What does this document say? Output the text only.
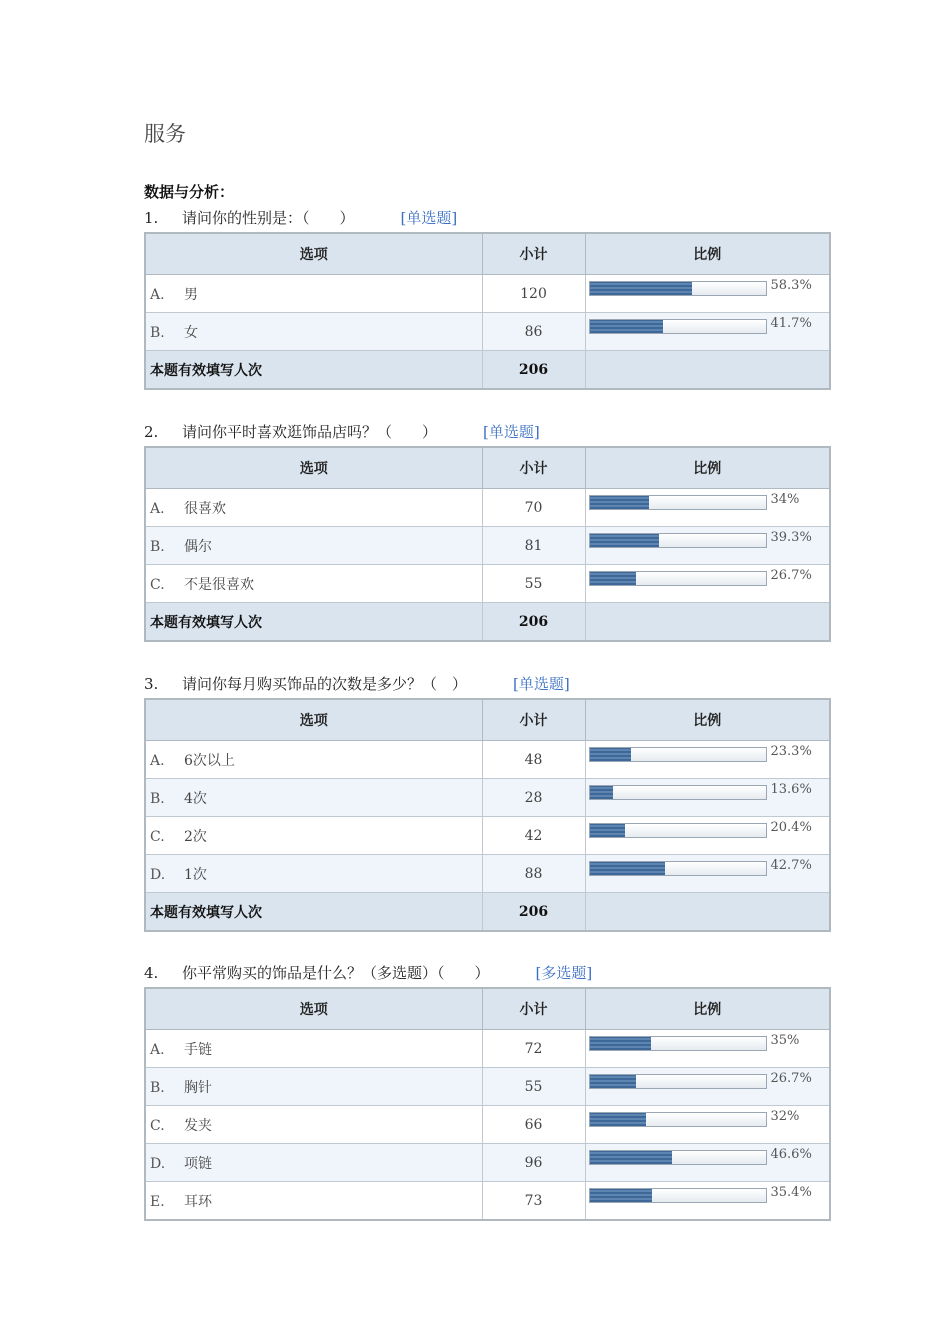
服务
数据与分析：
1. 请问你的性别是：（　　）	[单选题]
选项	小计	比例
A. 男	120	58.3%

B. 女	86	41.7%

本题有效填写人次	206	
2. 请问你平时喜欢逛饰品店吗？（　　）	[单选题]
选项	小计	比例
A. 很喜欢	70	34%

B. 偶尔	81	39.3%

C. 不是很喜欢	55	26.7%

本题有效填写人次	206	
3. 请问你每月购买饰品的次数是多少？（　）	[单选题]
选项	小计	比例
A. 6次以上	48	23.3%

B. 4次	28	13.6%

C. 2次	42	20.4%

D. 1次	88	42.7%

本题有效填写人次	206	
4. 你平常购买的饰品是什么？（多选题）（　　）	[多选题]
选项	小计	比例
A. 手链	72	35%

B. 胸针	55	26.7%

C. 发夹	66	32%

D. 项链	96	46.6%

E. 耳环	73	35.4%
